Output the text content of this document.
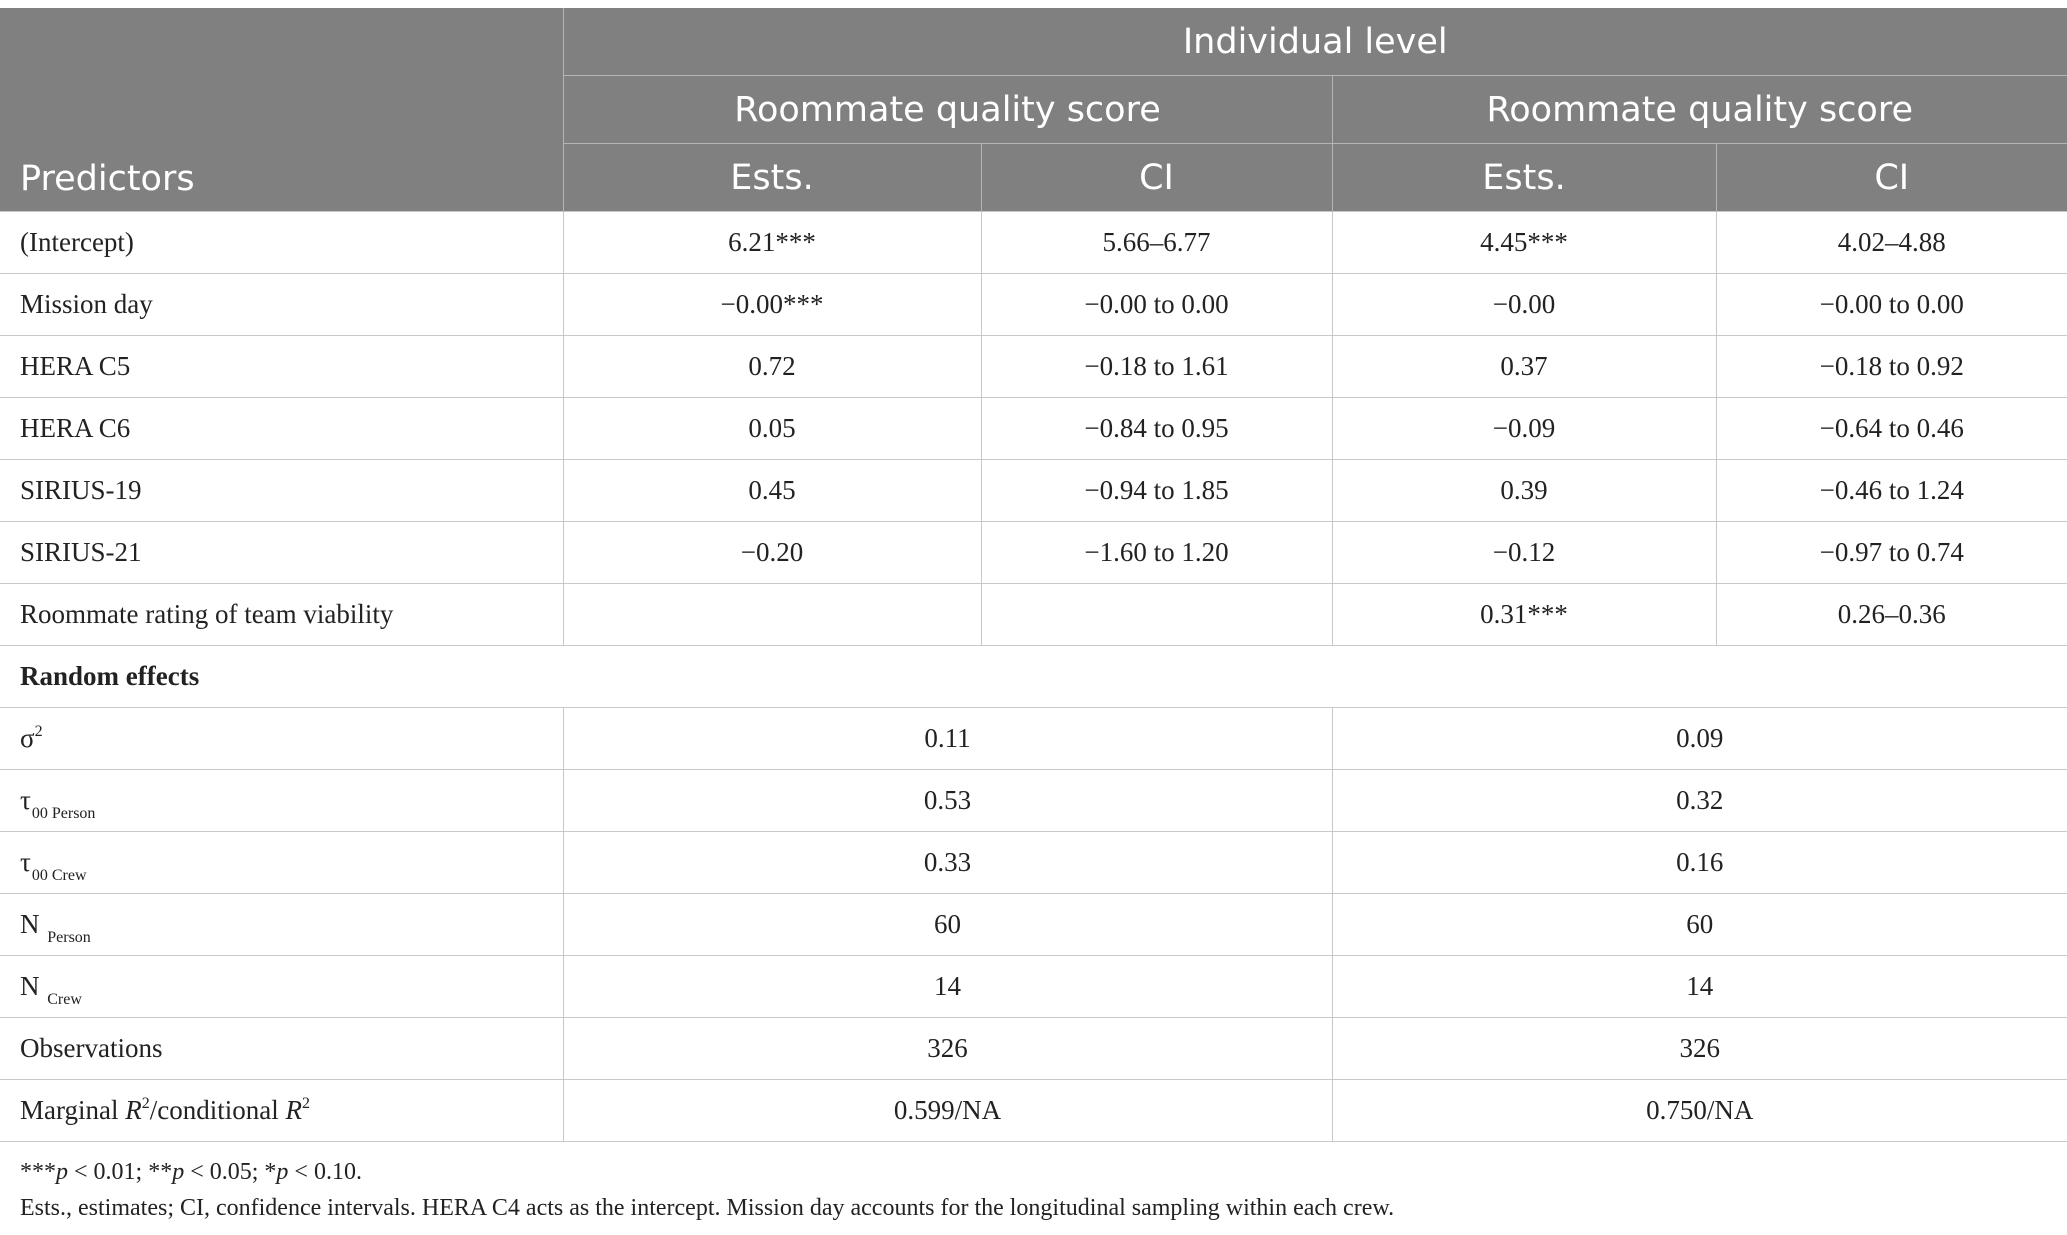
Predictors	Individual level			
	Roommate quality score		Roommate quality score	
	Ests.	CI	Ests.	CI
(Intercept)	6.21***	5.66–6.77	4.45***	4.02–4.88
Mission day	−0.00***	−0.00 to 0.00	−0.00	−0.00 to 0.00
HERA C5	0.72	−0.18 to 1.61	0.37	−0.18 to 0.92
HERA C6	0.05	−0.84 to 0.95	−0.09	−0.64 to 0.46
SIRIUS-19	0.45	−0.94 to 1.85	0.39	−0.46 to 1.24
SIRIUS-21	−0.20	−1.60 to 1.20	−0.12	−0.97 to 0.74
Roommate rating of team viability			0.31***	0.26–0.36
Random effects				
$\sigma^2$	0.11		0.09	
$\tau_{00 Person}$	0.53		0.32	
$\tau_{00 Crew}$	0.33		0.16	
N $_{Person}$	60		60	
N $_{Crew}$	14		14	
Observations	326		326	
Marginal $R^2$/conditional $R^2$	0.599/NA		0.750/NA	
***p < 0.01; **p < 0.05; *p < 0.10.
Ests., estimates; CI, confidence intervals. HERA C4 acts as the intercept. Mission day accounts for the longitudinal sampling within each crew.
